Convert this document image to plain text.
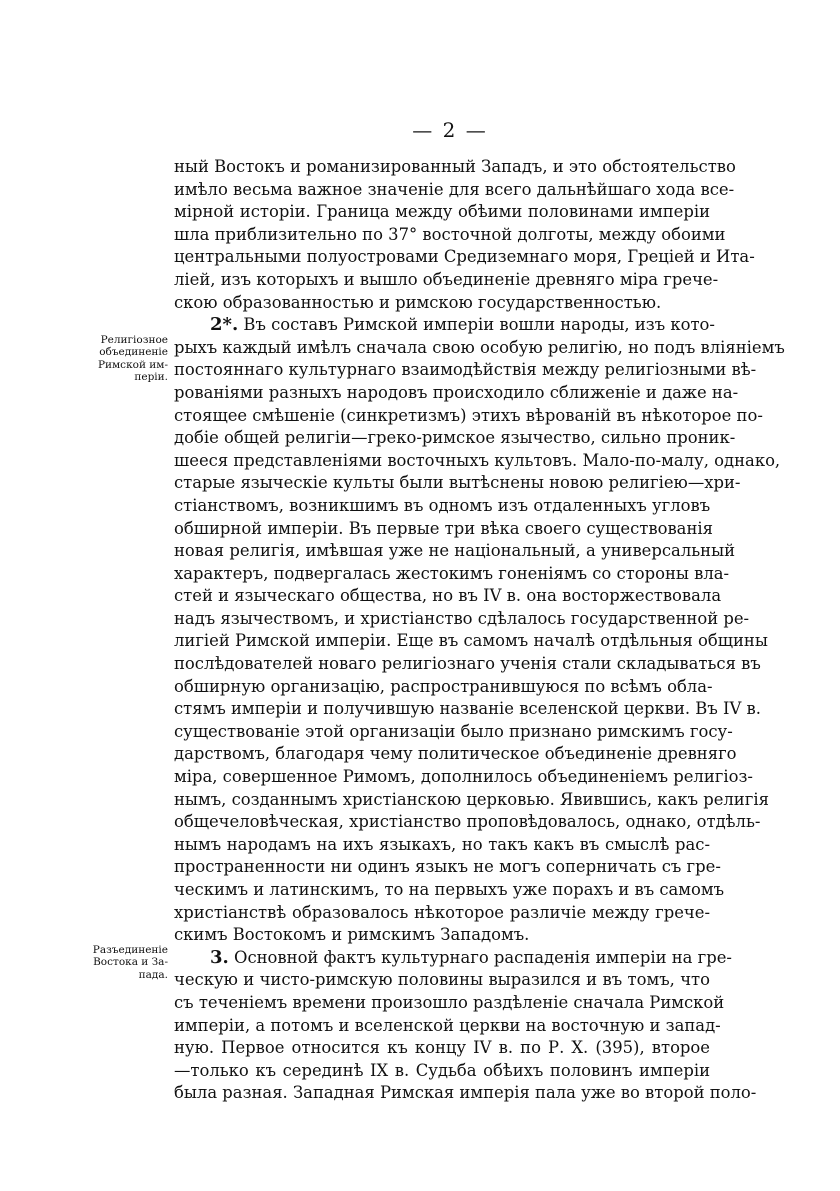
— 2 —
ный Востокъ и романизированный Западъ, и это обстоятельство
имѣло весьма важное значеніе для всего дальнѣйшаго хода все-
мірной исторіи. Граница между обѣими половинами имперіи
шла приблизительно по 37° восточной долготы, между обоими
центральными полуостровами Средиземнаго моря, Греціей и Ита-
ліей, изъ которыхъ и вышло объединеніе древняго міра грече-
скою образованностью и римскою государственностью.
2*. Въ составъ Римской имперіи вошли народы, изъ кото-
рыхъ каждый имѣлъ сначала свою особую религію, но подъ вліяніемъ
постояннаго культурнаго взаимодѣйствія между религіозными вѣ-
рованіями разныхъ народовъ происходило сближеніе и даже на-
стоящее смѣшеніе (синкретизмъ) этихъ вѣрованій въ нѣкоторое по-
добіе общей религіи—греко-римское язычество, сильно проник-
шееся представленіями восточныхъ культовъ. Мало-по-малу, однако,
старые языческіе культы были вытѣснены новою религіею—хри-
стіанствомъ, возникшимъ въ одномъ изъ отдаленныхъ угловъ
обширной имперіи. Въ первые три вѣка своего существованія
новая религія, имѣвшая уже не національный, а универсальный
характеръ, подвергалась жестокимъ гоненіямъ со стороны вла-
стей и языческаго общества, но въ IV в. она восторжествовала
надъ язычествомъ, и христіанство сдѣлалось государственной ре-
лигіей Римской имперіи. Еще въ самомъ началѣ отдѣльныя общины
послѣдователей новаго религіознаго ученія стали складываться въ
обширную организацію, распространившуюся по всѣмъ обла-
стямъ имперіи и получившую названіе вселенской церкви. Въ IV в.
существованіе этой организаціи было признано римскимъ госу-
дарствомъ, благодаря чему политическое объединеніе древняго
міра, совершенное Римомъ, дополнилось объединеніемъ религіоз-
нымъ, созданнымъ христіанскою церковью. Явившись, какъ религія
общечеловѣческая, христіанство проповѣдовалось, однако, отдѣль-
нымъ народамъ на ихъ языкахъ, но такъ какъ въ смыслѣ рас-
пространенности ни одинъ языкъ не могъ соперничать съ гре-
ческимъ и латинскимъ, то на первыхъ уже порахъ и въ самомъ
христіанствѣ образовалось нѣкоторое различіе между грече-
скимъ Востокомъ и римскимъ Западомъ.
3. Основной фактъ культурнаго распаденія имперіи на гре-
ческую и чисто-римскую половины выразился и въ томъ, что
съ теченіемъ времени произошло раздѣленіе сначала Римской
имперіи, а потомъ и вселенской церкви на восточную и запад-
ную. Первое относится къ концу IV в. по Р. Х. (395), второе
—только къ серединѣ IX в. Судьба обѣихъ половинъ имперіи
была разная. Западная Римская имперія пала уже во второй поло-
Религіозное
объединеніе
Римской им-
періи.
Разъединеніе
Востока и За-
пада.
